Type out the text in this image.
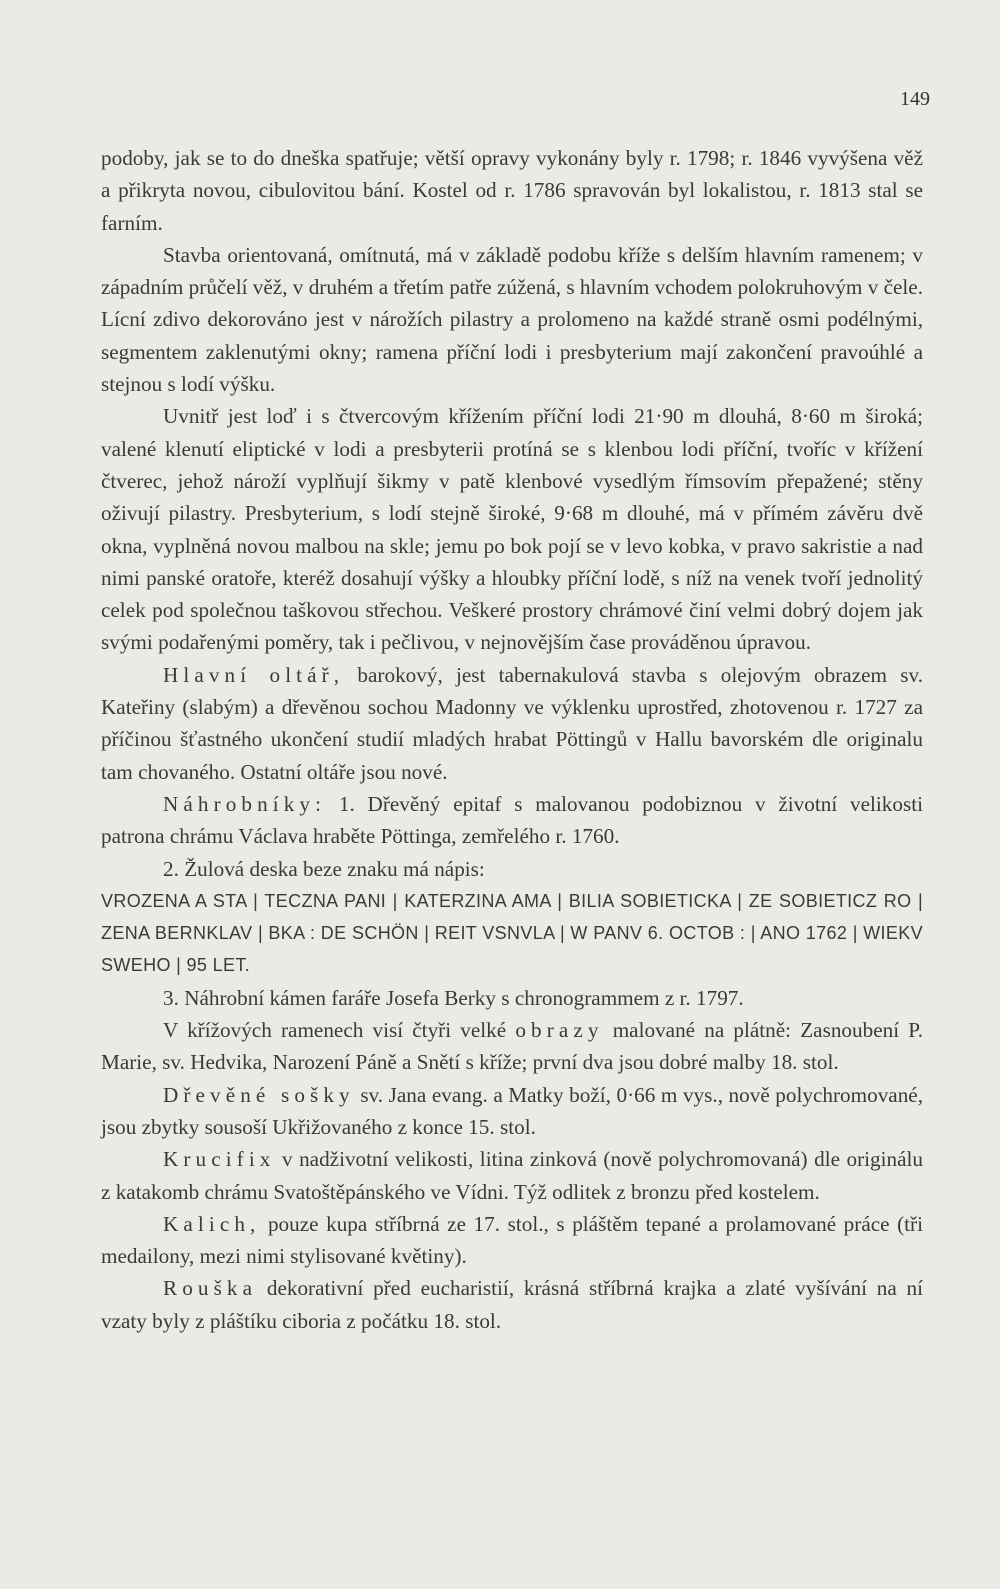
149

podoby, jak se to do dneška spatřuje; větší opravy vykonány byly r. 1798; r. 1846 vyvýšena věž a přikryta novou, cibulovitou bání. Kostel od r. 1786 spravován byl lokalistou, r. 1813 stal se farním.

Stavba orientovaná, omítnutá, má v základě podobu kříže s delším hlavním ramenem; v západním průčelí věž, v druhém a třetím patře zúžená, s hlavním vchodem polokruhovým v čele. Lícní zdivo dekorováno jest v nárožích pilastry a prolomeno na každé straně osmi podélnými, segmentem zaklenutými okny; ramena příční lodi i presbyterium mají zakončení pravoúhlé a stejnou s lodí výšku.

Uvnitř jest loď i s čtvercovým křížením příční lodi 21·90 m dlouhá, 8·60 m široká; valené klenutí eliptické v lodi a presbyterii protíná se s klenbou lodi příční, tvoříc v křížení čtverec, jehož nároží vyplňují šikmy v patě klenbové vysedlým římsovím přepažené; stěny oživují pilastry. Presbyterium, s lodí stejně široké, 9·68 m dlouhé, má v přímém závěru dvě okna, vyplněná novou malbou na skle; jemu po bok pojí se v levo kobka, v pravo sakristie a nad nimi panské oratoře, kteréž dosahují výšky a hloubky příční lodě, s níž na venek tvoří jednolitý celek pod společnou taškovou střechou. Veškeré prostory chrámové činí velmi dobrý dojem jak svými podařenými poměry, tak i pečlivou, v nejnovějším čase prováděnou úpravou.

Hlavní oltář, barokový, jest tabernakulová stavba s olejovým obrazem sv. Kateřiny (slabým) a dřevěnou sochou Madonny ve výklenku uprostřed, zhotovenou r. 1727 za příčinou šťastného ukončení studií mladých hrabat Pöttingů v Hallu bavorském dle originalu tam chovaného. Ostatní oltáře jsou nové.

Náhrobníky: 1. Dřevěný epitaf s malovanou podobiznou v životní velikosti patrona chrámu Václava hraběte Pöttinga, zemřelého r. 1760.

2. Žulová deska beze znaku má nápis:

VROZENA A STA | TECZNA PANI | KATERZINA AMA | BILIA SOBIETICKA | ZE SOBIETICZ RO | ZENA BERNKLAV | BKA : DE SCHÖN | REIT VSNVLA | W PANV 6. OCTOB : | ANO 1762 | WIEKV SWEHO | 95 LET.

3. Náhrobní kámen faráře Josefa Berky s chronogrammem z r. 1797.

V křížových ramenech visí čtyři velké obrazy malované na plátně: Zasnoubení P. Marie, sv. Hedvika, Narození Páně a Snětí s kříže; první dva jsou dobré malby 18. stol.

Dřevěné sošky sv. Jana evang. a Matky boží, 0·66 m vys., nově polychromované, jsou zbytky sousoší Ukřižovaného z konce 15. stol.

Krucifix v nadživotní velikosti, litina zinková (nově polychromovaná) dle originálu z katakomb chrámu Svatoštěpánského ve Vídni. Týž odlitek z bronzu před kostelem.

Kalich, pouze kupa stříbrná ze 17. stol., s pláštěm tepané a prolamované práce (tři medailony, mezi nimi stylisované květiny).

Rouška dekorativní před eucharistií, krásná stříbrná krajka a zlaté vyšívání na ní vzaty byly z pláštíku ciboria z počátku 18. stol.
